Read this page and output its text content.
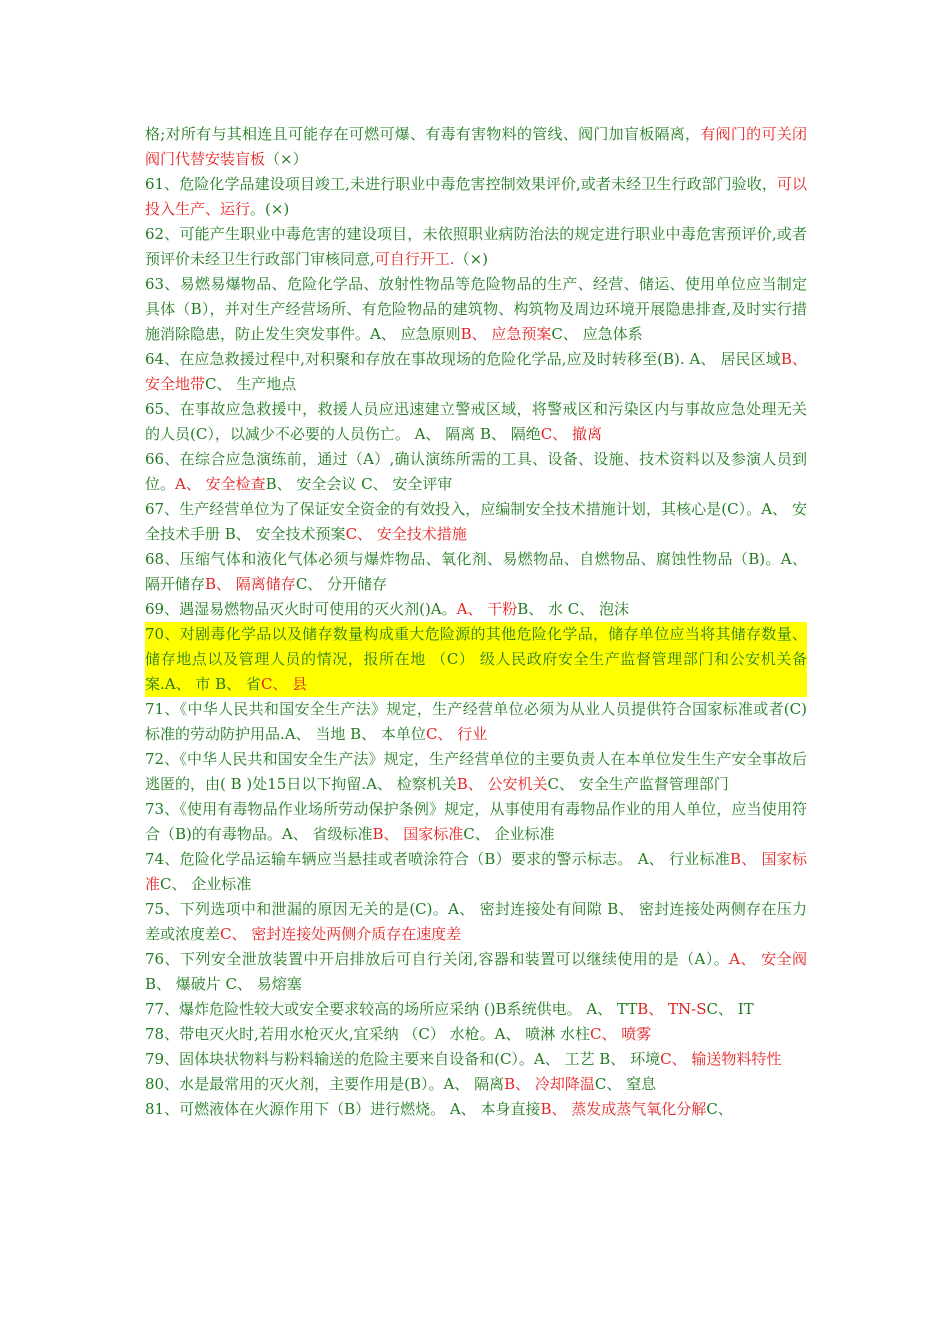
格;对所有与其相连且可能存在可燃可爆、有毒有害物料的管线、阀门加盲板隔离，有阀门的可关闭阀门代替安装盲板（×）

61、危险化学品建设项目竣工,未进行职业中毒危害控制效果评价,或者未经卫生行政部门验收，可以投入生产、运行。(×)

62、可能产生职业中毒危害的建设项目，未依照职业病防治法的规定进行职业中毒危害预评价,或者预评价未经卫生行政部门审核同意,可自行开工.（×)

63、易燃易爆物品、危险化学品、放射性物品等危险物品的生产、经营、储运、使用单位应当制定具体（B），并对生产经营场所、有危险物品的建筑物、构筑物及周边环境开展隐患排查,及时实行措施消除隐患，防止发生突发事件。A、 应急原则B、 应急预案C、 应急体系

64、在应急救援过程中,对积聚和存放在事故现场的危险化学品,应及时转移至(B). A、 居民区域B、 安全地带C、 生产地点

65、在事故应急救援中，救援人员应迅速建立警戒区域，将警戒区和污染区内与事故应急处理无关的人员(C），以减少不必要的人员伤亡。 A、 隔离 B、 隔绝C、 撤离

66、在综合应急演练前，通过（A）,确认演练所需的工具、设备、设施、技术资料以及参演人员到位。A、 安全检查B、 安全会议 C、 安全评审

67、生产经营单位为了保证安全资金的有效投入，应编制安全技术措施计划，其核心是(C）。A、 安全技术手册 B、 安全技术预案C、 安全技术措施

68、压缩气体和液化气体必须与爆炸物品、氧化剂、易燃物品、自燃物品、腐蚀性物品（B)。A、 隔开储存B、 隔离储存C、 分开储存

69、遇湿易燃物品灭火时可使用的灭火剂()A。A、 干粉B、 水 C、 泡沫

70、对剧毒化学品以及储存数量构成重大危险源的其他危险化学品，储存单位应当将其储存数量、储存地点以及管理人员的情况，报所在地 （C） 级人民政府安全生产监督管理部门和公安机关备案.A、 市 B、 省C、 县

71、《中华人民共和国安全生产法》规定，生产经营单位必须为从业人员提供符合国家标准或者(C)标准的劳动防护用品.A、 当地 B、 本单位C、 行业

72、《中华人民共和国安全生产法》规定，生产经营单位的主要负责人在本单位发生生产安全事故后逃匿的，由( B )处15日以下拘留.A、 检察机关B、 公安机关C、 安全生产监督管理部门

73、《使用有毒物品作业场所劳动保护条例》规定，从事使用有毒物品作业的用人单位，应当使用符合（B)的有毒物品。A、 省级标准B、 国家标准C、 企业标准

74、危险化学品运输车辆应当悬挂或者喷涂符合（B）要求的警示标志。 A、 行业标准B、 国家标准C、 企业标准

75、下列选项中和泄漏的原因无关的是(C)。A、 密封连接处有间隙 B、 密封连接处两侧存在压力差或浓度差C、 密封连接处两侧介质存在速度差

76、下列安全泄放装置中开启排放后可自行关闭,容器和装置可以继续使用的是（A）。A、 安全阀B、 爆破片 C、 易熔塞

77、爆炸危险性较大或安全要求较高的场所应采纳 ()B系统供电。 A、 TTB、 TN-SC、 IT

78、带电灭火时,若用水枪灭火,宜采纳 （C） 水枪。A、 喷淋 水柱C、 喷雾

79、固体块状物料与粉料输送的危险主要来自设备和(C）。A、 工艺 B、 环境C、 输送物料特性

80、水是最常用的灭火剂，主要作用是(B）。A、 隔离B、 冷却降温C、 窒息

81、可燃液体在火源作用下（B）进行燃烧。 A、 本身直接B、 蒸发成蒸气氧化分解C、
